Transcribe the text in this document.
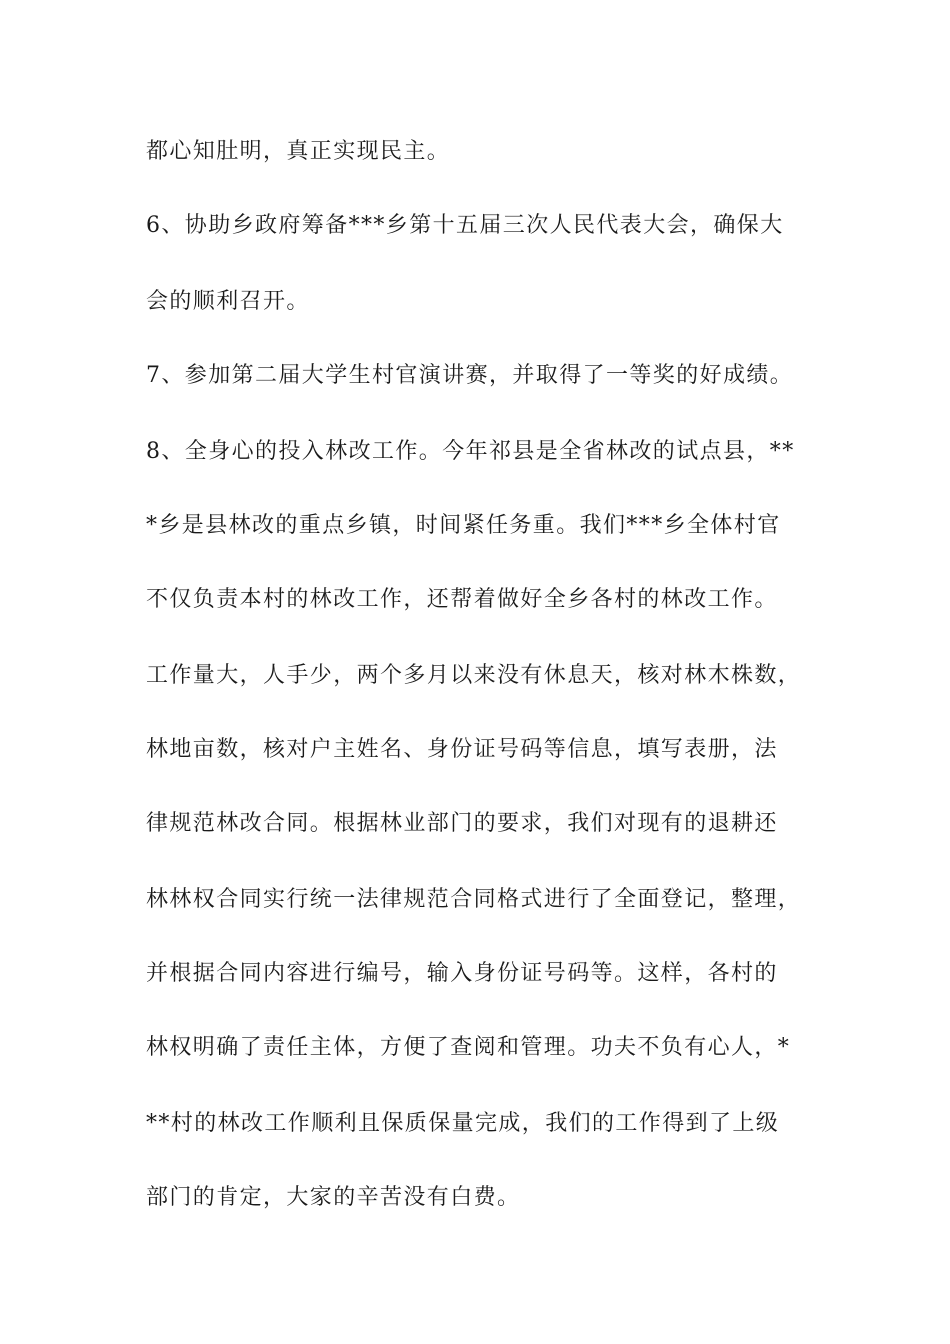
都心知肚明，真正实现民主。
6、协助乡政府筹备***乡第十五届三次人民代表大会，确保大
会的顺利召开。
7、参加第二届大学生村官演讲赛，并取得了一等奖的好成绩。
8、全身心的投入林改工作。今年祁县是全省林改的试点县，**
*乡是县林改的重点乡镇，时间紧任务重。我们***乡全体村官
不仅负责本村的林改工作，还帮着做好全乡各村的林改工作。
工作量大，人手少，两个多月以来没有休息天，核对林木株数，
林地亩数，核对户主姓名、身份证号码等信息，填写表册，法
律规范林改合同。根据林业部门的要求，我们对现有的退耕还
林林权合同实行统一法律规范合同格式进行了全面登记，整理，
并根据合同内容进行编号，输入身份证号码等。这样，各村的
林权明确了责任主体，方便了查阅和管理。功夫不负有心人，*
**村的林改工作顺利且保质保量完成，我们的工作得到了上级
部门的肯定，大家的辛苦没有白费。
